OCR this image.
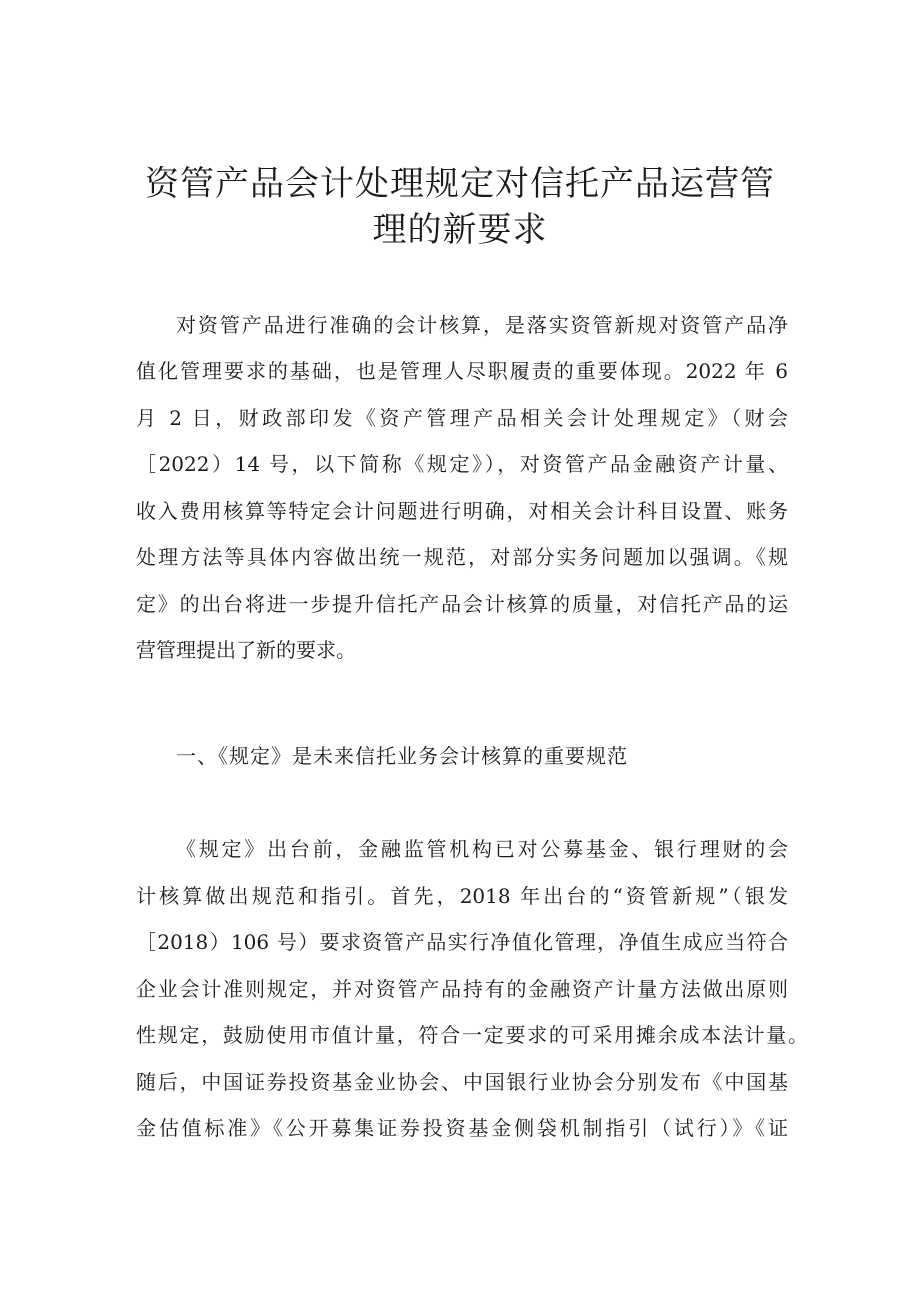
资管产品会计处理规定对信托产品运营管
理的新要求

对资管产品进行准确的会计核算，是落实资管新规对资管产品净

值化管理要求的基础，也是管理人尽职履责的重要体现。2022 年 6

月 2 日，财政部印发《资产管理产品相关会计处理规定》（财会

［2022）14 号，以下简称《规定》），对资管产品金融资产计量、

收入费用核算等特定会计问题进行明确，对相关会计科目设置、账务

处理方法等具体内容做出统一规范，对部分实务问题加以强调。《规

定》的出台将进一步提升信托产品会计核算的质量，对信托产品的运

营管理提出了新的要求。

一、《规定》是未来信托业务会计核算的重要规范

《规定》出台前，金融监管机构已对公募基金、银行理财的会

计核算做出规范和指引。首先，2018 年出台的“资管新规”（银发

［2018）106 号）要求资管产品实行净值化管理，净值生成应当符合

企业会计准则规定，并对资管产品持有的金融资产计量方法做出原则

性规定，鼓励使用市值计量，符合一定要求的可采用摊余成本法计量。

随后，中国证券投资基金业协会、中国银行业协会分别发布《中国基

金估值标准》《公开募集证券投资基金侧袋机制指引（试行）》《证
